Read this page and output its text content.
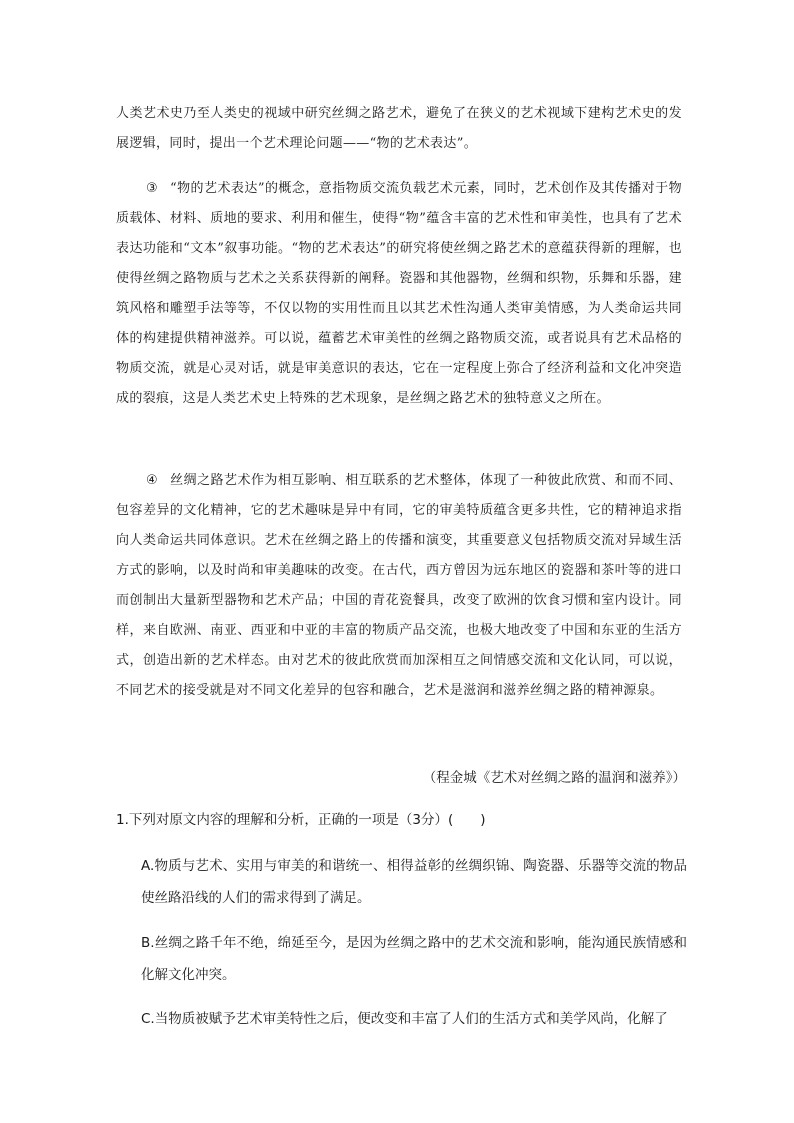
人类艺术史乃至人类史的视域中研究丝绸之路艺术，避免了在狭义的艺术视域下建构艺术史的发展逻辑，同时，提出一个艺术理论问题——“物的艺术表达”。

③ “物的艺术表达”的概念，意指物质交流负载艺术元素，同时，艺术创作及其传播对于物质载体、材料、质地的要求、利用和催生，使得“物”蕴含丰富的艺术性和审美性，也具有了艺术表达功能和“文本”叙事功能。“物的艺术表达”的研究将使丝绸之路艺术的意蕴获得新的理解，也使得丝绸之路物质与艺术之关系获得新的阐释。瓷器和其他器物，丝绸和织物，乐舞和乐器，建筑风格和雕塑手法等等，不仅以物的实用性而且以其艺术性沟通人类审美情感，为人类命运共同体的构建提供精神滋养。可以说，蕴蓄艺术审美性的丝绸之路物质交流，或者说具有艺术品格的物质交流，就是心灵对话，就是审美意识的表达，它在一定程度上弥合了经济利益和文化冲突造成的裂痕，这是人类艺术史上特殊的艺术现象，是丝绸之路艺术的独特意义之所在。

④ 丝绸之路艺术作为相互影响、相互联系的艺术整体，体现了一种彼此欣赏、和而不同、包容差异的文化精神，它的艺术趣味是异中有同，它的审美特质蕴含更多共性，它的精神追求指向人类命运共同体意识。艺术在丝绸之路上的传播和演变，其重要意义包括物质交流对异域生活方式的影响，以及时尚和审美趣味的改变。在古代，西方曾因为远东地区的瓷器和茶叶等的进口而创制出大量新型器物和艺术产品；中国的青花瓷餐具，改变了欧洲的饮食习惯和室内设计。同样，来自欧洲、南亚、西亚和中亚的丰富的物质产品交流，也极大地改变了中国和东亚的生活方式，创造出新的艺术样态。由对艺术的彼此欣赏而加深相互之间情感交流和文化认同，可以说，不同艺术的接受就是对不同文化差异的包容和融合，艺术是滋润和滋养丝绸之路的精神源泉。

（程金城《艺术对丝绸之路的温润和滋养》）

1.下列对原文内容的理解和分析，正确的一项是（3分）(　　)

A.物质与艺术、实用与审美的和谐统一、相得益彰的丝绸织锦、陶瓷器、乐器等交流的物品使丝路沿线的人们的需求得到了满足。

B.丝绸之路千年不绝，绵延至今，是因为丝绸之路中的艺术交流和影响，能沟通民族情感和化解文化冲突。

C.当物质被赋予艺术审美特性之后，便改变和丰富了人们的生活方式和美学风尚，化解了
